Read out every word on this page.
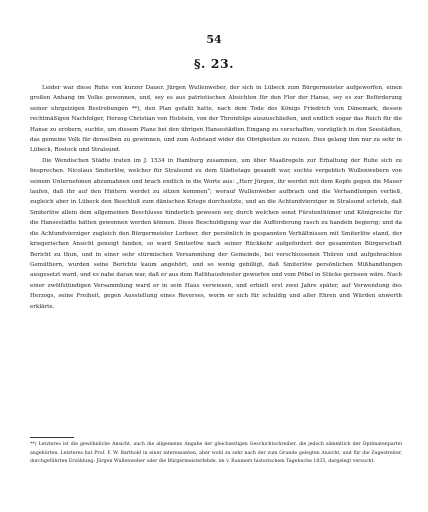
54
§. 23.

Leider war diese Ruhe von kurzer Dauer. Jürgen Wullenweber, der sich in Lübeck zum Bürgermeister aufgeworfen, einen großen Anhang im Volke gewonnen, und, sey es aus patriotischen Absichten für den Flor der Hanse, sey es zur Beförderung seiner ehrgeizigen Bestrebungen **), den Plan gefaßt hatte, nach dem Tode des Königs Friedrich von Dänemark, dessen rechtmäßigen Nachfolger, Herzog Christian von Holstein, von der Thronfolge auszuschließen, und endlich sogar das Reich für die Hanse zu erobern, suchte, um diesem Plane bei den übrigen Hansestädten Eingang zu verschaffen, vorzüglich in den Seestädten, das gemeine Volk für denselben zu gewinnen, und zum Aufstand wider die Obrigkeiten zu reizen. Dies gelang ihm nur zu sehr in Lübeck, Rostock und Stralsund.

Die Wendischen Städte traten im J. 1534 in Hamburg zusammen, um über Maaßregeln zur Erhaltung der Ruhe sich zu besprechen. Nicolaus Smiterlöw, welcher für Stralsund zu dem Städtetage gesandt war, suchte vergeblich Wullenwebern von seinem Unternehmen abzumahnen und brach endlich in die Worte aus: „Herr Jürgen, ihr werdet mit dem Kopfe gegen die Mauer laufen, daß ihr auf den Hintern werdet zu sitzen kommen“; worauf Wullenweber aufbrach und die Verhandlungen verließ, zugleich aber in Lübeck den Beschluß zum dänischen Kriege durchsetzte, und an die Achtundvierziger in Stralsund schrieb, daß Smiterlöw allein dem allgemeinen Beschlusse hinderlich gewesen sey, durch welchen sonst Fürstenthümer und Königreiche für die Hansestädte hätten gewonnen werden können. Diese Beschuldigung war die Aufforderung rasch zu handeln begierig; und da die Achtundvierziger zugleich den Bürgermeister Lorbeer, der persönlich in gespannten Verhältnissen mit Smiterlöw stand, der kriegerischen Ansicht geneigt fanden, so ward Smiterlöw nach seiner Rückkehr aufgefordert der gesammten Bürgerschaft Bericht zu thun, und in einer sehr stürmischen Versammlung der Gemeinde, bei verschlossenen Thüren und aufgebrachten Gemüthern, wurden seine Berichte kaum angehört, und so wenig gebilligt, daß Smiterlöw persönlichen Mißhandlungen ausgesetzt ward, und es nahe daran war, daß er aus dem Rathhausfenster geworfen und vom Pöbel in Stücke gerissen wäre. Nach einer zwölfstündigen Versammlung ward er in sein Haus verwiesen, und erhielt erst zwei Jahre später, auf Verwendung des Herzogs, seine Freiheit, gegen Ausstellung eines Reverses, worin er sich für schuldig und aller Ehren und Würden unwerth erklärte.

**) Letzteres ist die gewöhnliche Ansicht, auch die allgemeine Angabe der gleichzeitigen Geschichtschreiber, die jedoch sämmtlich der Optimatenpartei angehörten. Letzteres hat Prof. F. W. Barthold in einer interessanten, aber wohl zu sehr nach der zum Grunde gelegten Ansicht, und für die Zugestreiter, durchgeführten Erzählung: Jürgen Wullenweber oder die Bürgermeisterfehde, im v. Raumers historischem Tagebuche 1835, dargelegt versucht.
